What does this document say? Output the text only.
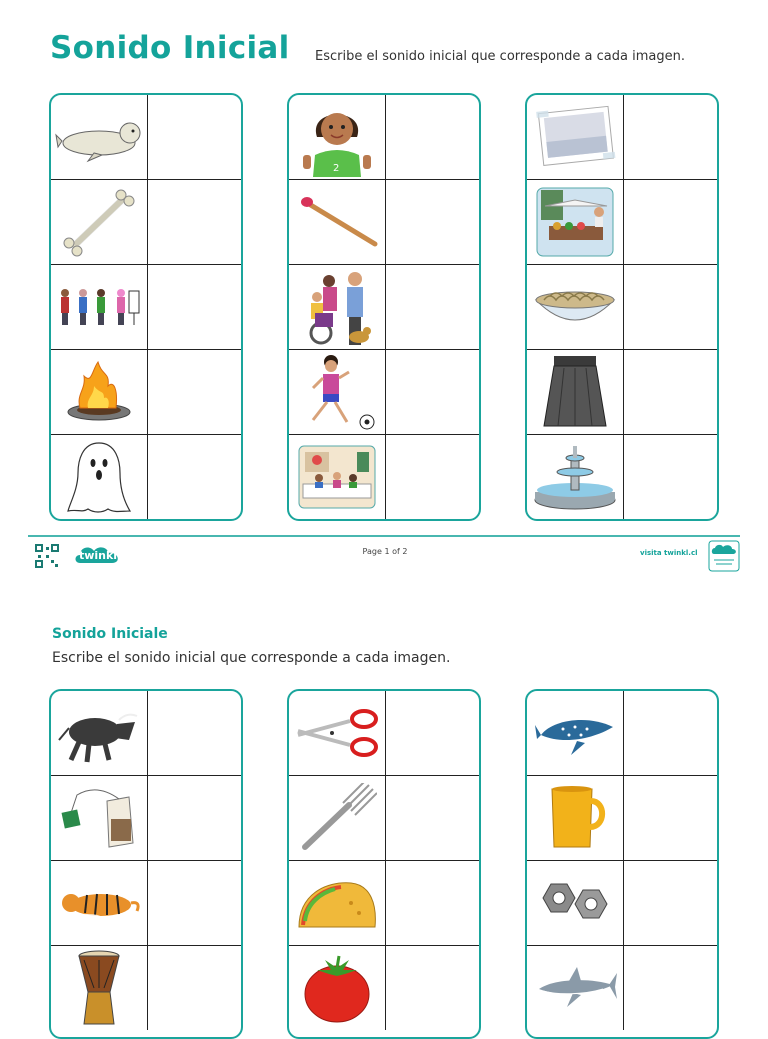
Sonido Inicial Escribe el sonido inicial que corresponde a cada imagen.
2
twinkl	Page 1 of 2	visita twinkl.cl
Sonido Iniciale
Escribe el sonido inicial que corresponde a cada imagen.
